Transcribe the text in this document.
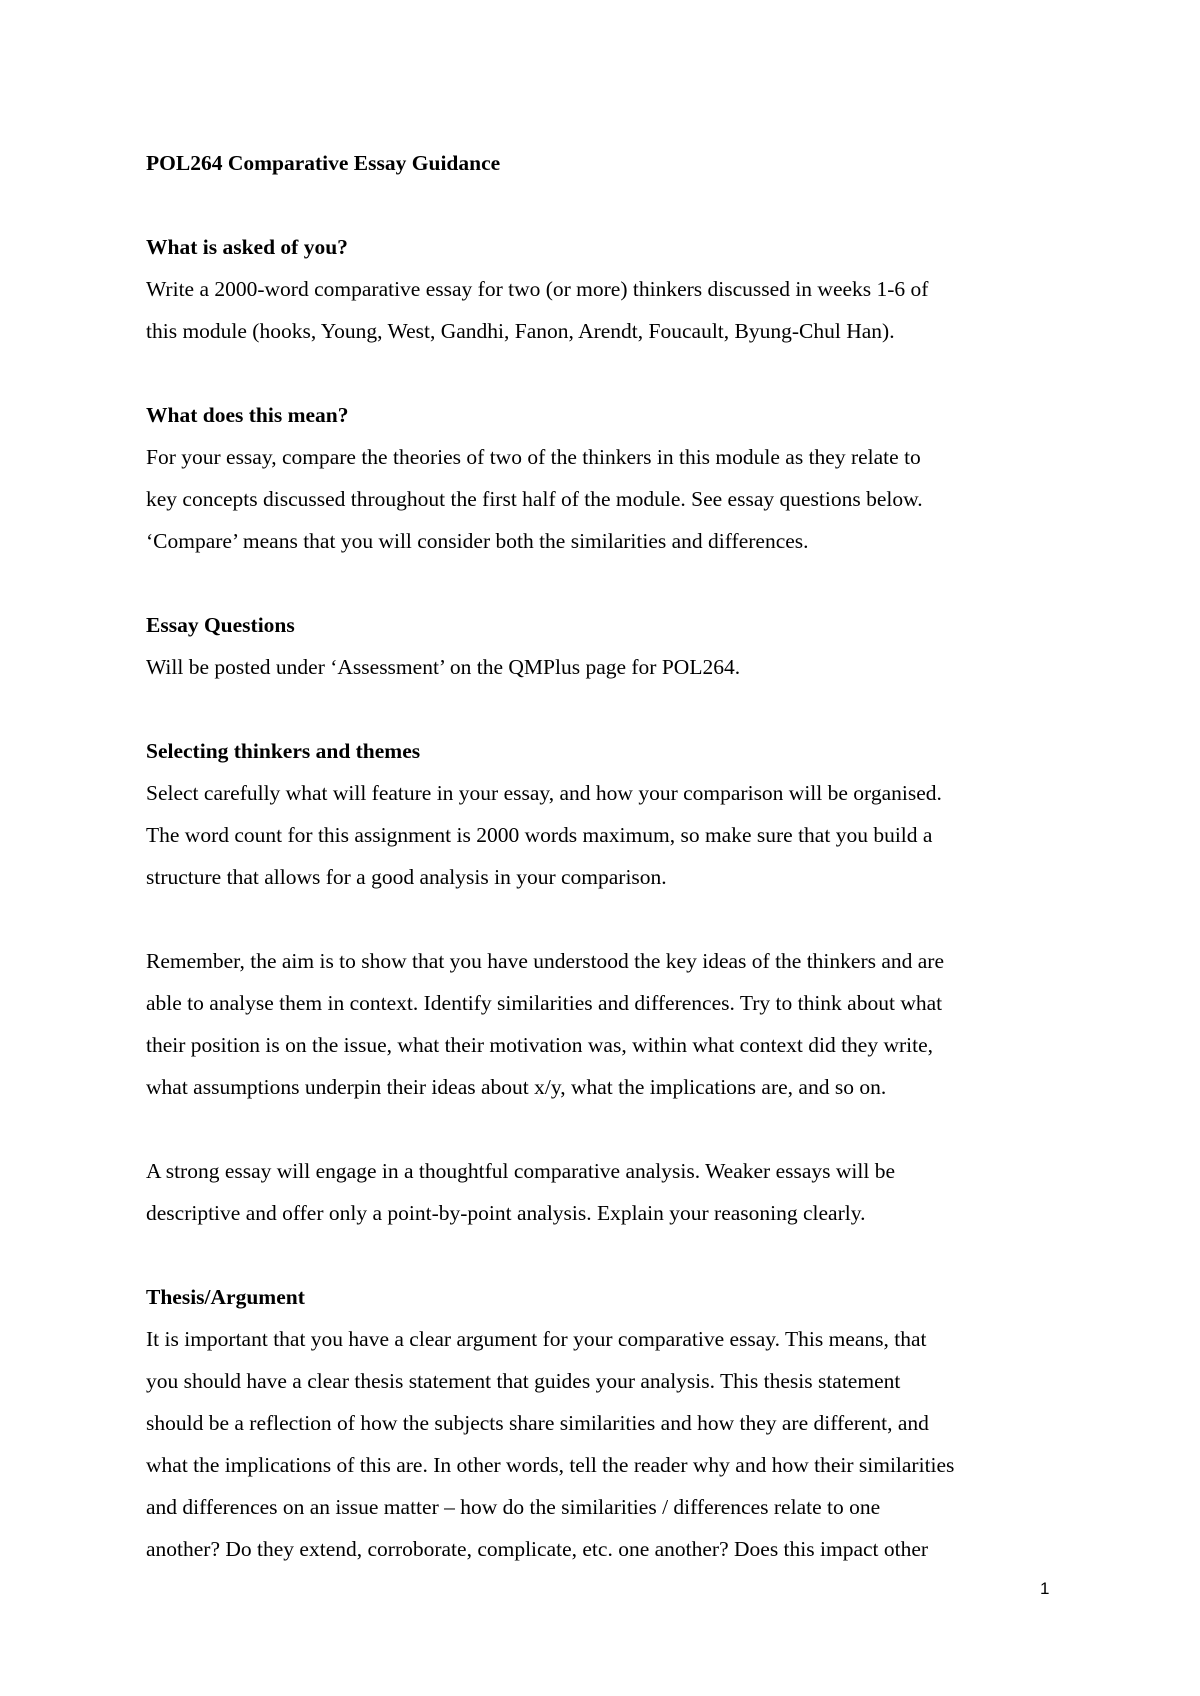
POL264 Comparative Essay Guidance

What is asked of you?

Write a 2000-word comparative essay for two (or more) thinkers discussed in weeks 1-6 of

this module (hooks, Young, West, Gandhi, Fanon, Arendt, Foucault, Byung-Chul Han).

What does this mean?

For your essay, compare the theories of two of the thinkers in this module as they relate to

key concepts discussed throughout the first half of the module. See essay questions below.

‘Compare’ means that you will consider both the similarities and differences.

Essay Questions

Will be posted under ‘Assessment’ on the QMPlus page for POL264.

Selecting thinkers and themes

Select carefully what will feature in your essay, and how your comparison will be organised.

The word count for this assignment is 2000 words maximum, so make sure that you build a

structure that allows for a good analysis in your comparison.

Remember, the aim is to show that you have understood the key ideas of the thinkers and are

able to analyse them in context. Identify similarities and differences. Try to think about what

their position is on the issue, what their motivation was, within what context did they write,

what assumptions underpin their ideas about x/y, what the implications are, and so on.

A strong essay will engage in a thoughtful comparative analysis. Weaker essays will be

descriptive and offer only a point-by-point analysis. Explain your reasoning clearly.

Thesis/Argument

It is important that you have a clear argument for your comparative essay. This means, that

you should have a clear thesis statement that guides your analysis. This thesis statement

should be a reflection of how the subjects share similarities and how they are different, and

what the implications of this are. In other words, tell the reader why and how their similarities

and differences on an issue matter – how do the similarities / differences relate to one

another? Do they extend, corroborate, complicate, etc. one another? Does this impact other

1
